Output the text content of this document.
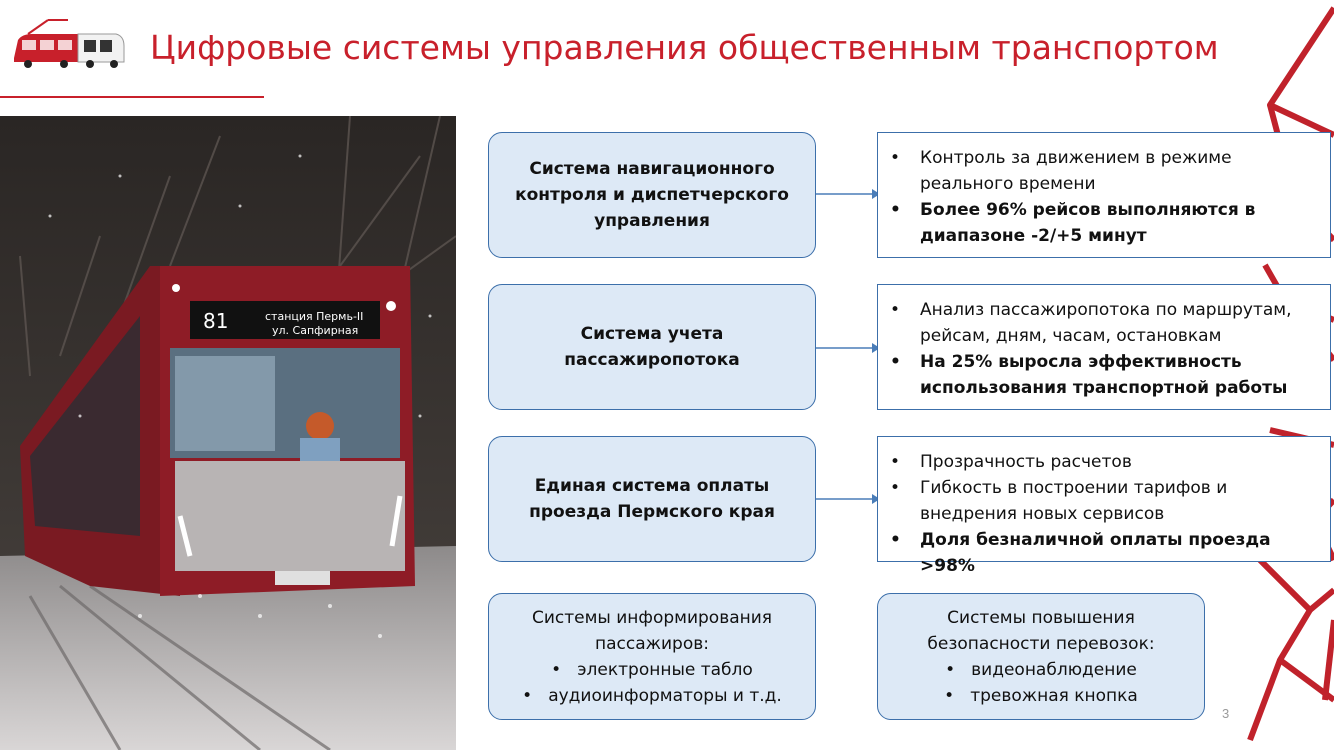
Цифровые системы управления общественным транспортом
81	станция Пермь-II
ул. Сапфирная
Система навигационного контроля и диспетчерского управления
Система учета пассажиропотока
Единая система оплаты проезда Пермского края
• Контроль за движением в режиме реального времени
• Более 96% рейсов выполняются в диапазоне -2/+5 минут
• Анализ пассажиропотока по маршрутам, рейсам, дням, часам, остановкам
• На 25% выросла эффективность использования транспортной работы
• Прозрачность расчетов
• Гибкость в построении тарифов и внедрения новых сервисов
• Доля безналичной оплаты проезда >98%
Системы информирования
пассажиров:
• электронные табло
• аудиоинформаторы и т.д.
Системы повышения
безопасности перевозок:
• видеонаблюдение
• тревожная кнопка
3
